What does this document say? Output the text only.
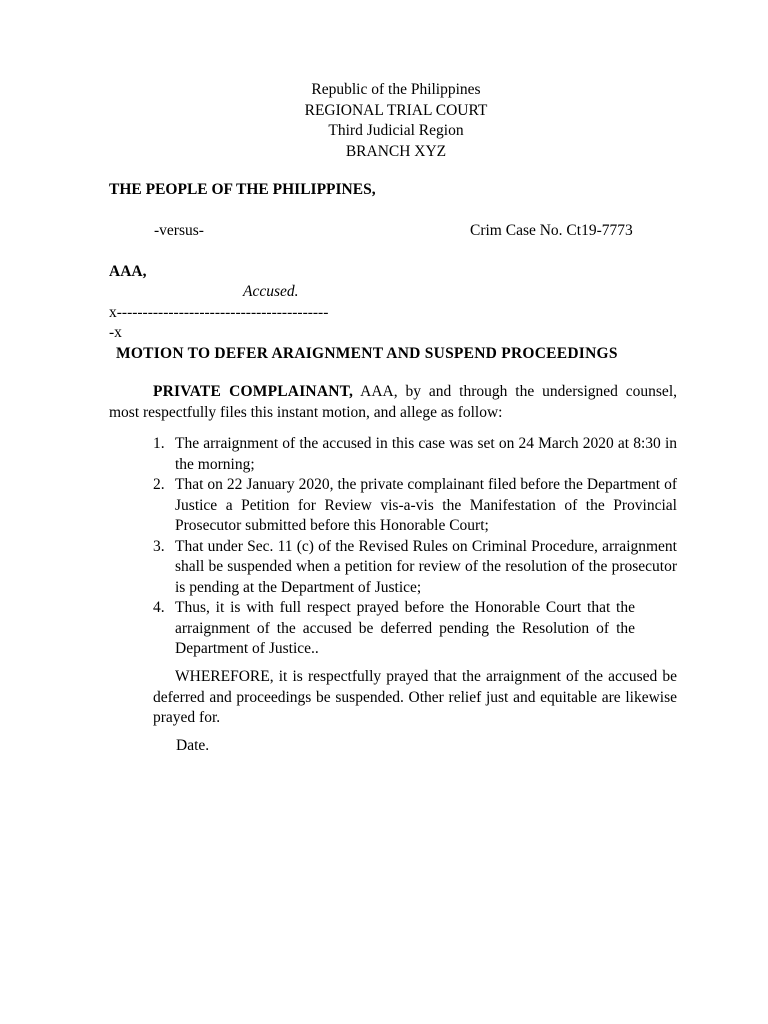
Republic of the Philippines
REGIONAL TRIAL COURT
Third Judicial Region
BRANCH XYZ
THE PEOPLE OF THE PHILIPPINES,
-versus-	Crim Case No. Ct19-7773
AAA,
Accused.
x-----------------------------------------
-x
MOTION TO DEFER ARAIGNMENT AND SUSPEND PROCEEDINGS

PRIVATE COMPLAINANT, AAA, by and through the undersigned counsel, most respectfully files this instant motion, and allege as follow:

1. The arraignment of the accused in this case was set on 24 March 2020 at 8:30 in the morning;
2. That on 22 January 2020, the private complainant filed before the Department of Justice a Petition for Review vis-a-vis the Manifestation of the Provincial Prosecutor submitted before this Honorable Court;
3. That under Sec. 11 (c) of the Revised Rules on Criminal Procedure, arraignment shall be suspended when a petition for review of the resolution of the prosecutor is pending at the Department of Justice;
4. Thus, it is with full respect prayed before the Honorable Court that the arraignment of the accused be deferred pending the Resolution of the Department of Justice..

WHEREFORE, it is respectfully prayed that the arraignment of the accused be deferred and proceedings be suspended. Other relief just and equitable are likewise prayed for.

Date.
